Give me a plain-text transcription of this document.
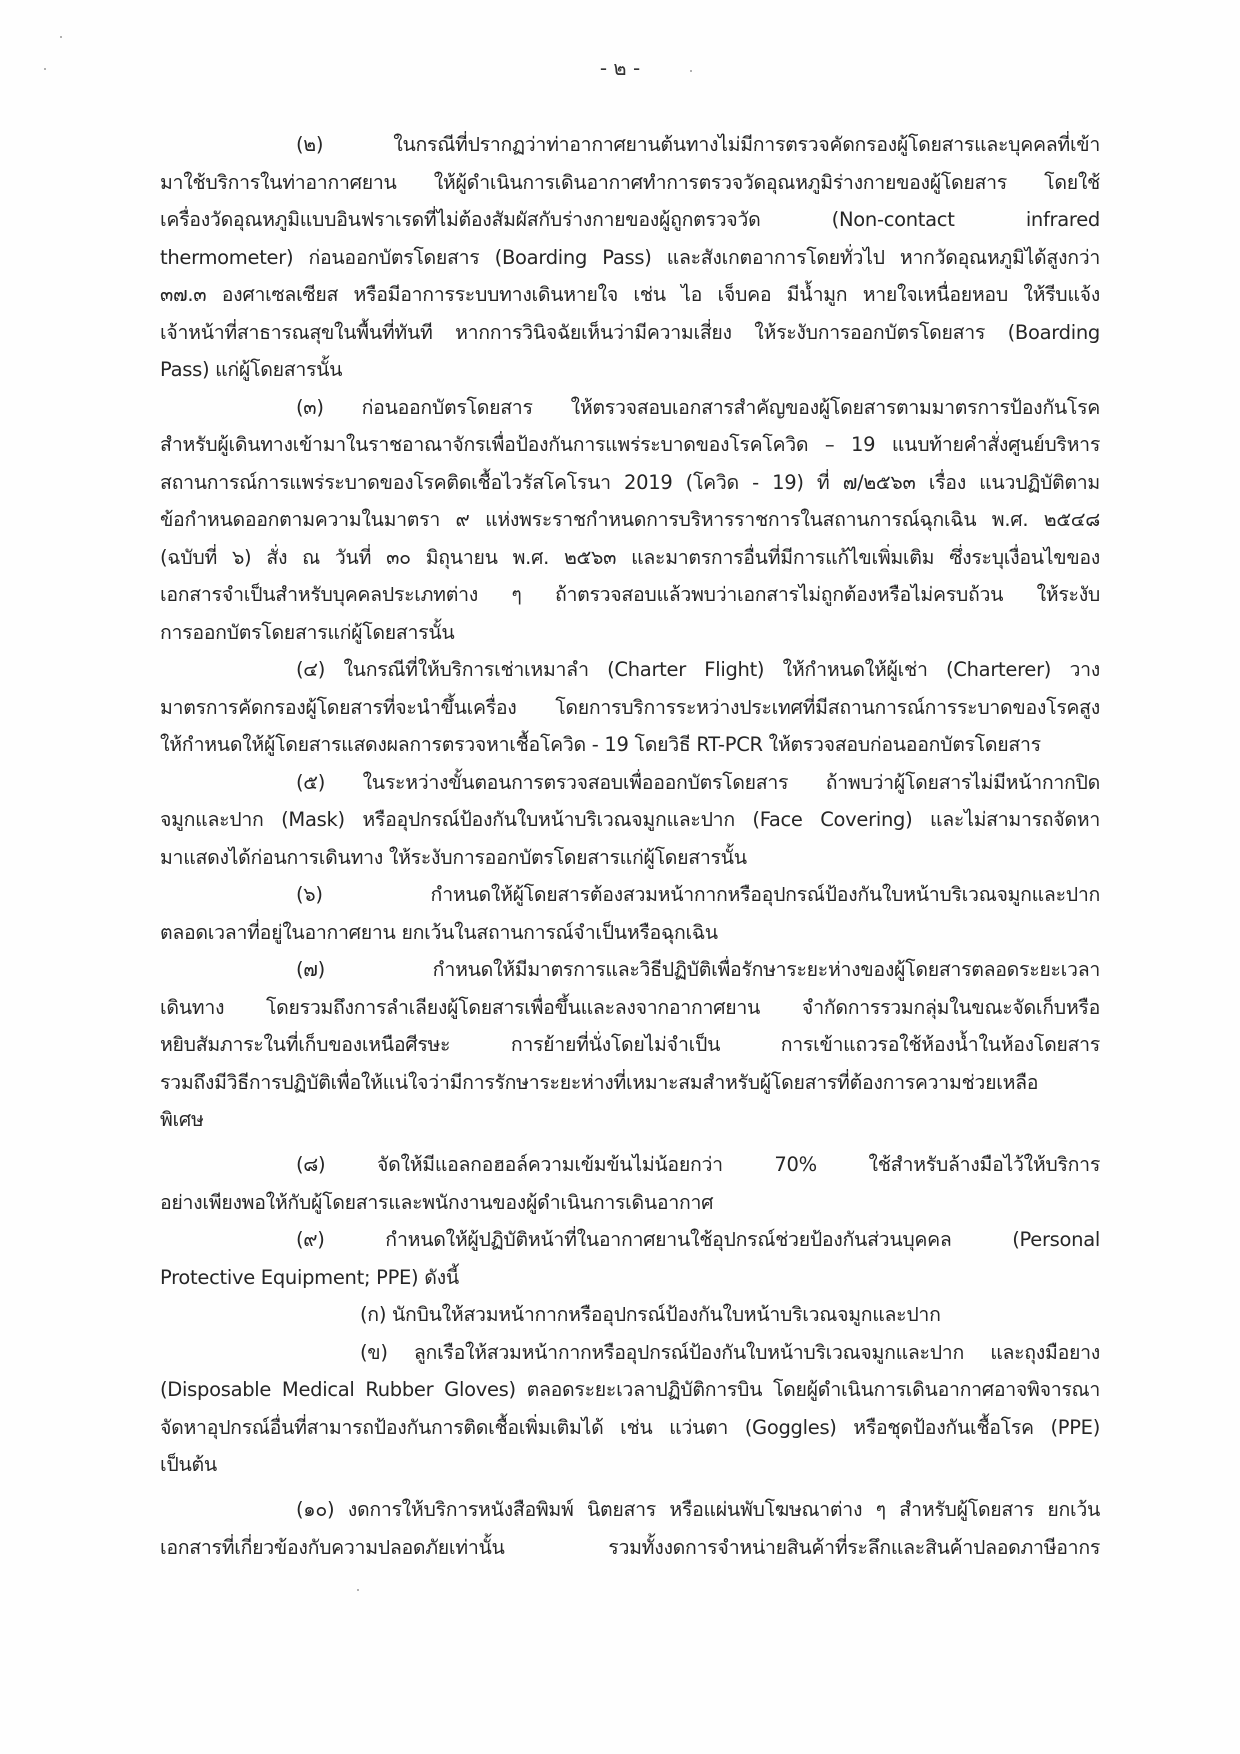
- ๒ -
(๒) ในกรณีที่ปรากฏว่าท่าอากาศยานต้นทางไม่มีการตรวจคัดกรองผู้โดยสารและบุคคลที่เข้า
มาใช้บริการในท่าอากาศยาน ให้ผู้ดำเนินการเดินอากาศทำการตรวจวัดอุณหภูมิร่างกายของผู้โดยสาร โดยใช้
เครื่องวัดอุณหภูมิแบบอินฟราเรดที่ไม่ต้องสัมผัสกับร่างกายของผู้ถูกตรวจวัด (Non-contact infrared
thermometer) ก่อนออกบัตรโดยสาร (Boarding Pass) และสังเกตอาการโดยทั่วไป หากวัดอุณหภูมิได้สูงกว่า
๓๗.๓ องศาเซลเซียส หรือมีอาการระบบทางเดินหายใจ เช่น ไอ เจ็บคอ มีน้ำมูก หายใจเหนื่อยหอบ ให้รีบแจ้ง
เจ้าหน้าที่สาธารณสุขในพื้นที่ทันที หากการวินิจฉัยเห็นว่ามีความเสี่ยง ให้ระงับการออกบัตรโดยสาร (Boarding
Pass) แก่ผู้โดยสารนั้น
(๓) ก่อนออกบัตรโดยสาร ให้ตรวจสอบเอกสารสำคัญของผู้โดยสารตามมาตรการป้องกันโรค
สำหรับผู้เดินทางเข้ามาในราชอาณาจักรเพื่อป้องกันการแพร่ระบาดของโรคโควิด – 19 แนบท้ายคำสั่งศูนย์บริหาร
สถานการณ์การแพร่ระบาดของโรคติดเชื้อไวรัสโคโรนา 2019 (โควิด - 19) ที่ ๗/๒๕๖๓ เรื่อง แนวปฏิบัติตาม
ข้อกำหนดออกตามความในมาตรา ๙ แห่งพระราชกำหนดการบริหารราชการในสถานการณ์ฉุกเฉิน พ.ศ. ๒๕๔๘
(ฉบับที่ ๖) สั่ง ณ วันที่ ๓๐ มิถุนายน พ.ศ. ๒๕๖๓ และมาตรการอื่นที่มีการแก้ไขเพิ่มเติม ซึ่งระบุเงื่อนไขของ
เอกสารจำเป็นสำหรับบุคคลประเภทต่าง ๆ ถ้าตรวจสอบแล้วพบว่าเอกสารไม่ถูกต้องหรือไม่ครบถ้วน ให้ระงับ
การออกบัตรโดยสารแก่ผู้โดยสารนั้น
(๔) ในกรณีที่ให้บริการเช่าเหมาลำ (Charter Flight) ให้กำหนดให้ผู้เช่า (Charterer) วาง
มาตรการคัดกรองผู้โดยสารที่จะนำขึ้นเครื่อง โดยการบริการระหว่างประเทศที่มีสถานการณ์การระบาดของโรคสูง
ให้กำหนดให้ผู้โดยสารแสดงผลการตรวจหาเชื้อโควิด - 19 โดยวิธี RT-PCR ให้ตรวจสอบก่อนออกบัตรโดยสาร
(๕) ในระหว่างขั้นตอนการตรวจสอบเพื่อออกบัตรโดยสาร ถ้าพบว่าผู้โดยสารไม่มีหน้ากากปิด
จมูกและปาก (Mask) หรืออุปกรณ์ป้องกันใบหน้าบริเวณจมูกและปาก (Face Covering) และไม่สามารถจัดหา
มาแสดงได้ก่อนการเดินทาง ให้ระงับการออกบัตรโดยสารแก่ผู้โดยสารนั้น
(๖) กำหนดให้ผู้โดยสารต้องสวมหน้ากากหรืออุปกรณ์ป้องกันใบหน้าบริเวณจมูกและปาก
ตลอดเวลาที่อยู่ในอากาศยาน ยกเว้นในสถานการณ์จำเป็นหรือฉุกเฉิน
(๗) กำหนดให้มีมาตรการและวิธีปฏิบัติเพื่อรักษาระยะห่างของผู้โดยสารตลอดระยะเวลา
เดินทาง โดยรวมถึงการลำเลียงผู้โดยสารเพื่อขึ้นและลงจากอากาศยาน จำกัดการรวมกลุ่มในขณะจัดเก็บหรือ
หยิบสัมภาระในที่เก็บของเหนือศีรษะ การย้ายที่นั่งโดยไม่จำเป็น การเข้าแถวรอใช้ห้องน้ำในห้องโดยสาร
รวมถึงมีวิธีการปฏิบัติเพื่อให้แน่ใจว่ามีการรักษาระยะห่างที่เหมาะสมสำหรับผู้โดยสารที่ต้องการความช่วยเหลือ
พิเศษ
(๘) จัดให้มีแอลกอฮอล์ความเข้มข้นไม่น้อยกว่า 70% ใช้สำหรับล้างมือไว้ให้บริการ
อย่างเพียงพอให้กับผู้โดยสารและพนักงานของผู้ดำเนินการเดินอากาศ
(๙) กำหนดให้ผู้ปฏิบัติหน้าที่ในอากาศยานใช้อุปกรณ์ช่วยป้องกันส่วนบุคคล (Personal
Protective Equipment; PPE) ดังนี้
(ก) นักบินให้สวมหน้ากากหรืออุปกรณ์ป้องกันใบหน้าบริเวณจมูกและปาก
(ข) ลูกเรือให้สวมหน้ากากหรืออุปกรณ์ป้องกันใบหน้าบริเวณจมูกและปาก และถุงมือยาง
(Disposable Medical Rubber Gloves) ตลอดระยะเวลาปฏิบัติการบิน โดยผู้ดำเนินการเดินอากาศอาจพิจารณา
จัดหาอุปกรณ์อื่นที่สามารถป้องกันการติดเชื้อเพิ่มเติมได้ เช่น แว่นตา (Goggles) หรือชุดป้องกันเชื้อโรค (PPE)
เป็นต้น
(๑๐) งดการให้บริการหนังสือพิมพ์ นิตยสาร หรือแผ่นพับโฆษณาต่าง ๆ สำหรับผู้โดยสาร ยกเว้น
เอกสารที่เกี่ยวข้องกับความปลอดภัยเท่านั้น รวมทั้งงดการจำหน่ายสินค้าที่ระลึกและสินค้าปลอดภาษีอากร
